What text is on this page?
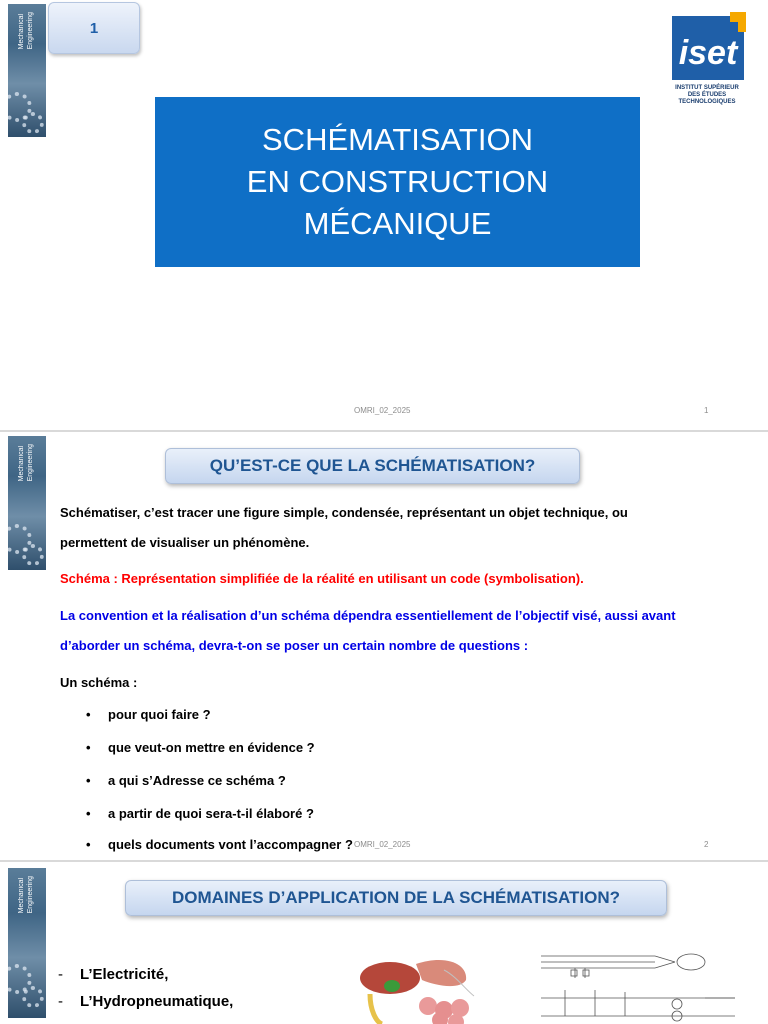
Mechanical Engineering	1
iset
INSTITUT SUPÉRIEUR
DES ÉTUDES
TECHNOLOGIQUES
SCHÉMATISATION
EN CONSTRUCTION
MÉCANIQUE
OMRI_02_2025	1
Mechanical Engineering	QU’EST-CE QUE LA SCHÉMATISATION?
Schématiser, c’est tracer une figure simple, condensée, représentant un objet technique, ou
permettent de visualiser un phénomène.
Schéma : Représentation simplifiée de la réalité en utilisant un code (symbolisation).
La convention et la réalisation d’un schéma dépendra essentiellement de l’objectif visé, aussi avant
d’aborder un schéma, devra-t-on se poser un certain nombre de questions :
Un schéma :
• pour quoi faire ?
• que veut-on mettre en évidence ?
• a qui s’Adresse ce schéma ?
• a partir de quoi sera-t-il élaboré ?
• quels documents vont l’accompagner ? OMRI_02_2025	2
Mechanical Engineering	DOMAINES D’APPLICATION DE LA SCHÉMATISATION?
- L’Electricité,
- L’Hydropneumatique,
